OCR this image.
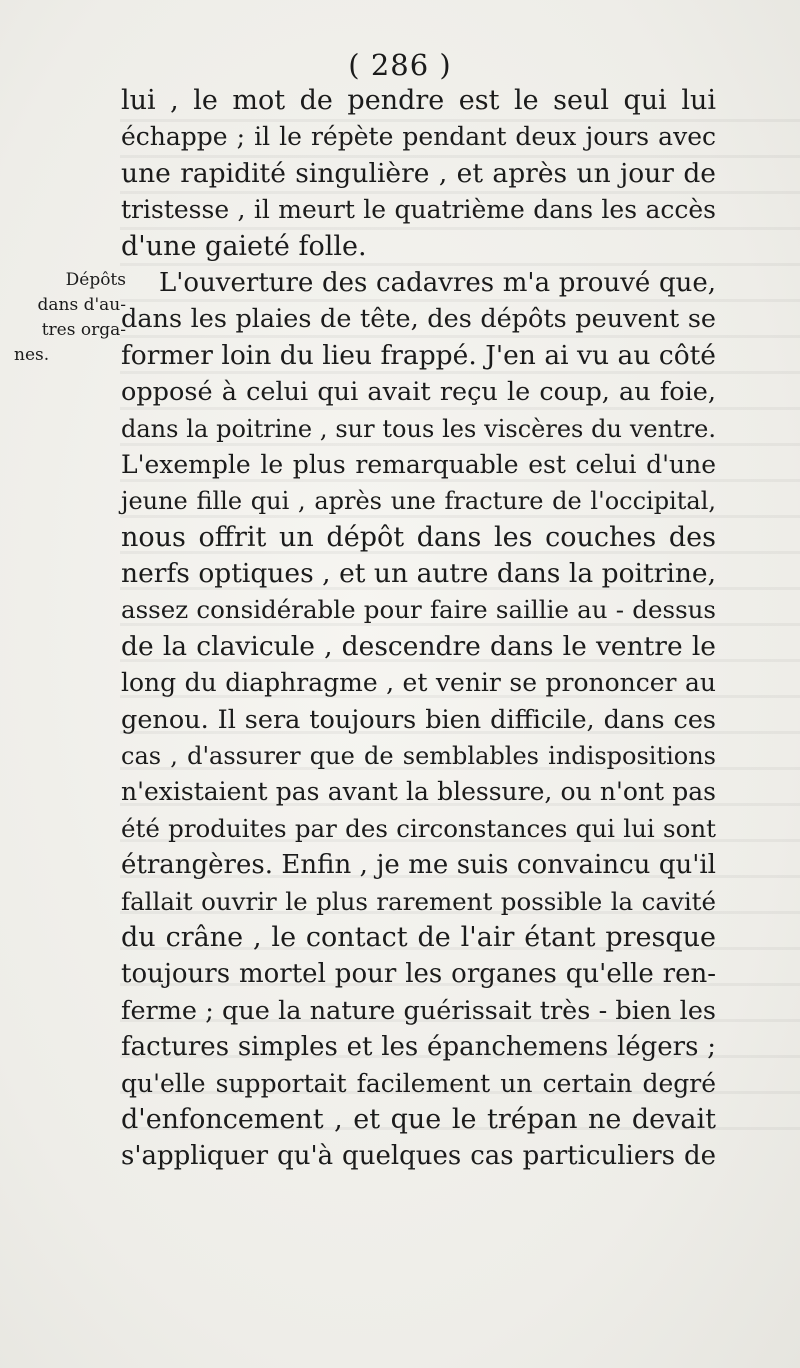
( 286 )
Dépôts
dans d'au-
tres orga-
nes.
lui , le mot de pendre est le seul qui lui
échappe ; il le répète pendant deux jours avec
une rapidité singulière , et après un jour de
tristesse , il meurt le quatrième dans les accès
d'une gaieté folle.
L'ouverture des cadavres m'a prouvé que,
dans les plaies de tête, des dépôts peuvent se
former loin du lieu frappé. J'en ai vu au côté
opposé à celui qui avait reçu le coup, au foie,
dans la poitrine , sur tous les viscères du ventre.
L'exemple le plus remarquable est celui d'une
jeune fille qui , après une fracture de l'occipital,
nous offrit un dépôt dans les couches des
nerfs optiques , et un autre dans la poitrine,
assez considérable pour faire saillie au - dessus
de la clavicule , descendre dans le ventre le
long du diaphragme , et venir se prononcer au
genou. Il sera toujours bien difficile, dans ces
cas , d'assurer que de semblables indispositions
n'existaient pas avant la blessure, ou n'ont pas
été produites par des circonstances qui lui sont
étrangères. Enfin , je me suis convaincu qu'il
fallait ouvrir le plus rarement possible la cavité
du crâne , le contact de l'air étant presque
toujours mortel pour les organes qu'elle ren-
ferme ; que la nature guérissait très - bien les
factures simples et les épanchemens légers ;
qu'elle supportait facilement un certain degré
d'enfoncement , et que le trépan ne devait
s'appliquer qu'à quelques cas particuliers de
